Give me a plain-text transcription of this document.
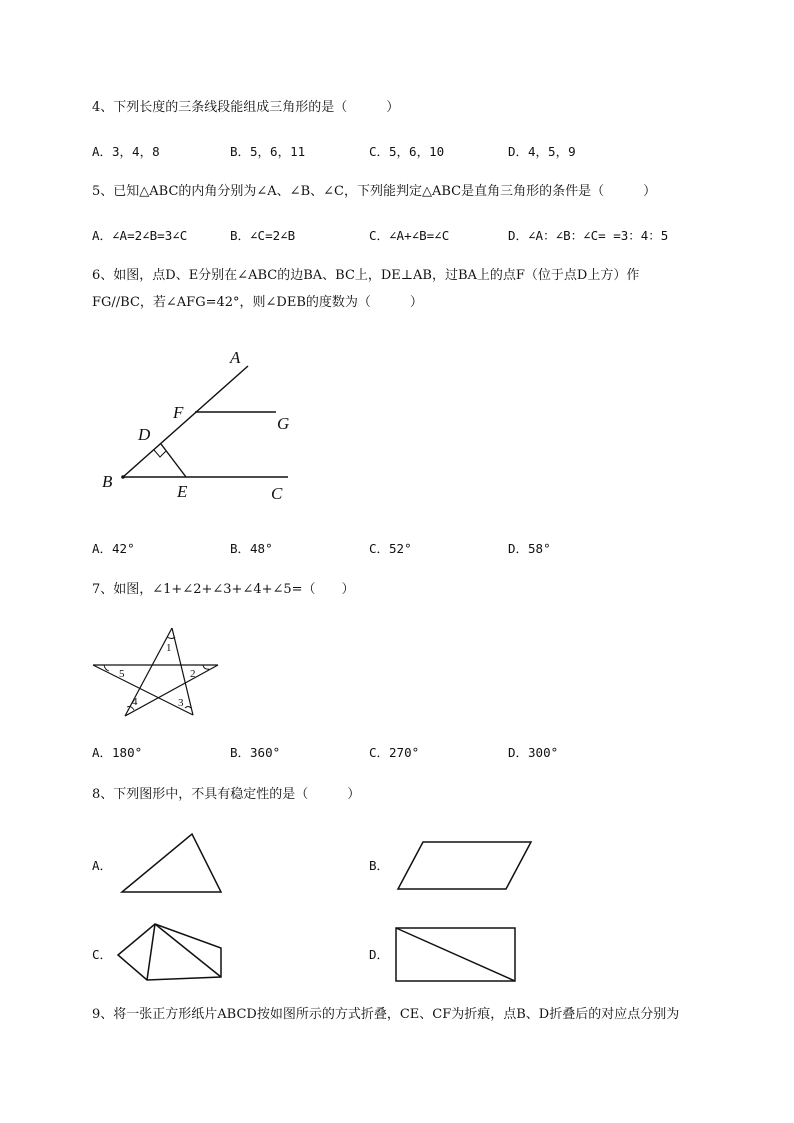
4、下列长度的三条线段能组成三角形的是（　　　）
A．3，4，8	B．5，6，11	C．5，6，10	D．4，5，9
5、已知△ABC的内角分别为∠A、∠B、∠C，下列能判定△ABC是直角三角形的条件是（　　　）
A．∠A=2∠B=3∠C	B．∠C=2∠B	C．∠A+∠B=∠C	D．∠A：∠B：∠C= =3：4：5
6、如图，点D、E分别在∠ABC的边BA、BC上，DE⊥AB，过BA上的点F（位于点D上方）作
FG//BC，若∠AFG=42°，则∠DEB的度数为（　　　）
A
F
G
D
B
E	C
A．42°	B．48°	C．52°	D．58°
7、如图，∠1+∠2+∠3+∠4+∠5=（　　）
1
2
3
4
5
A．180°	B．360°	C．270°	D．300°
8、下列图形中，不具有稳定性的是（　　　）
A．	B．
C．	D．
9、将一张正方形纸片ABCD按如图所示的方式折叠，CE、CF为折痕，点B、D折叠后的对应点分别为
